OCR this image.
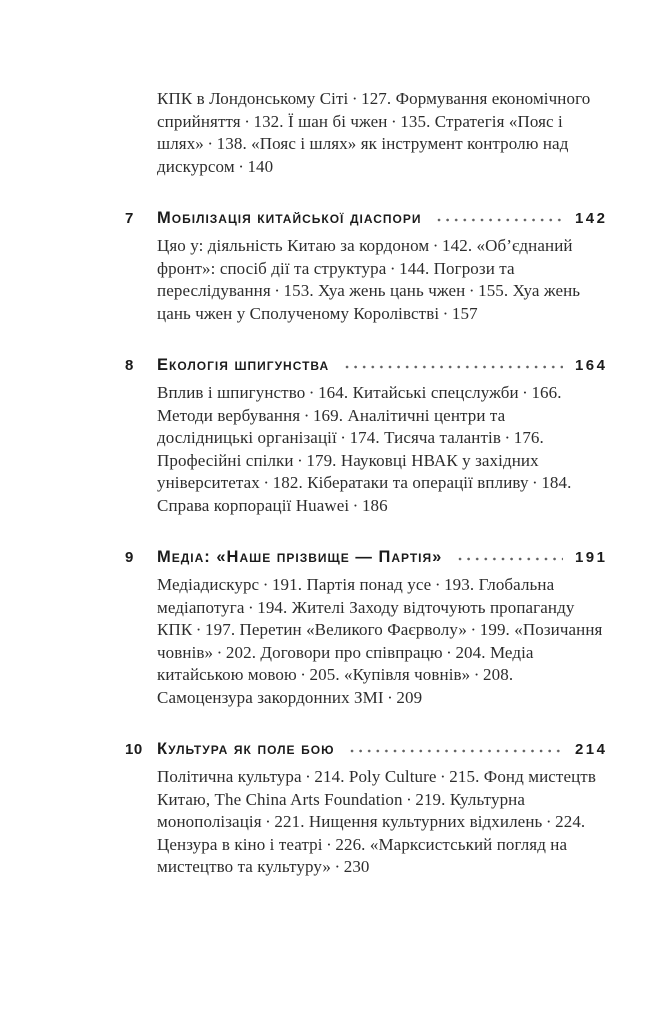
КПК в Лондонському Сіті · 127. Формування економічного сприйняття · 132. Ї шан бі чжен · 135. Стратегія «Пояс і шлях» · 138. «Пояс і шлях» як інструмент контролю над дискурсом · 140

7	Мобілізація китайської діаспори	142

Цяо у: діяльність Китаю за кордоном · 142. «Об’єднаний фронт»: спосіб дії та структура · 144. Погрози та переслідування · 153. Хуа жень цань чжен · 155. Хуа жень цань чжен у Сполученому Королівстві · 157

8	Екологія шпигунства	164

Вплив і шпигунство · 164. Китайські спецслужби · 166. Методи вербування · 169. Аналітичні центри та дослідницькі організації · 174. Тисяча талантів · 176. Професійні спілки · 179. Науковці НВАК у західних університетах · 182. Кібератаки та операції впливу · 184. Справа корпорації Huawei · 186

9	Медіа: «Наше прізвище — Партія»	191

Медіадискурс · 191. Партія понад усе · 193. Глобальна медіапотуга · 194. Жителі Заходу відточують пропаганду КПК · 197. Перетин «Великого Фаєрволу» · 199. «Позичання човнів» · 202. Договори про співпрацю · 204. Медіа китайською мовою · 205. «Купівля човнів» · 208. Самоцензура закордонних ЗМІ · 209

10 Культура як поле бою	214

Політична культура · 214. Poly Culture · 215. Фонд мистецтв Китаю, The China Arts Foundation · 219. Культурна монополізація · 221. Нищення культурних відхилень · 224. Цензура в кіно і театрі · 226. «Марксистський погляд на мистецтво та культуру» · 230
